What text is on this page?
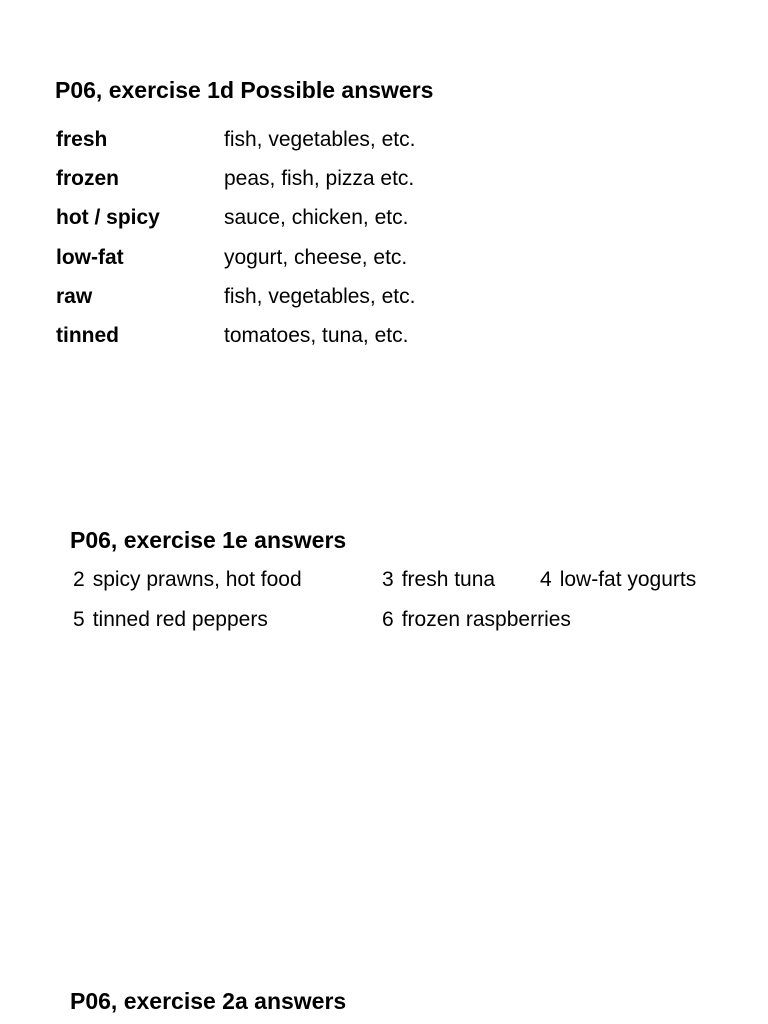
P06, exercise 1d Possible answers
fresh	fish, vegetables, etc.
frozen	peas, fish, pizza etc.
hot / spicy	sauce, chicken, etc.
low-fat	yogurt, cheese, etc.
raw	fish, vegetables, etc.
tinned	tomatoes, tuna, etc.
P06, exercise 1e answers
2 spicy prawns, hot food	3 fresh tuna 4 low-fat yogurts
5 tinned red peppers	6 frozen raspberries
P06, exercise 2a answers
